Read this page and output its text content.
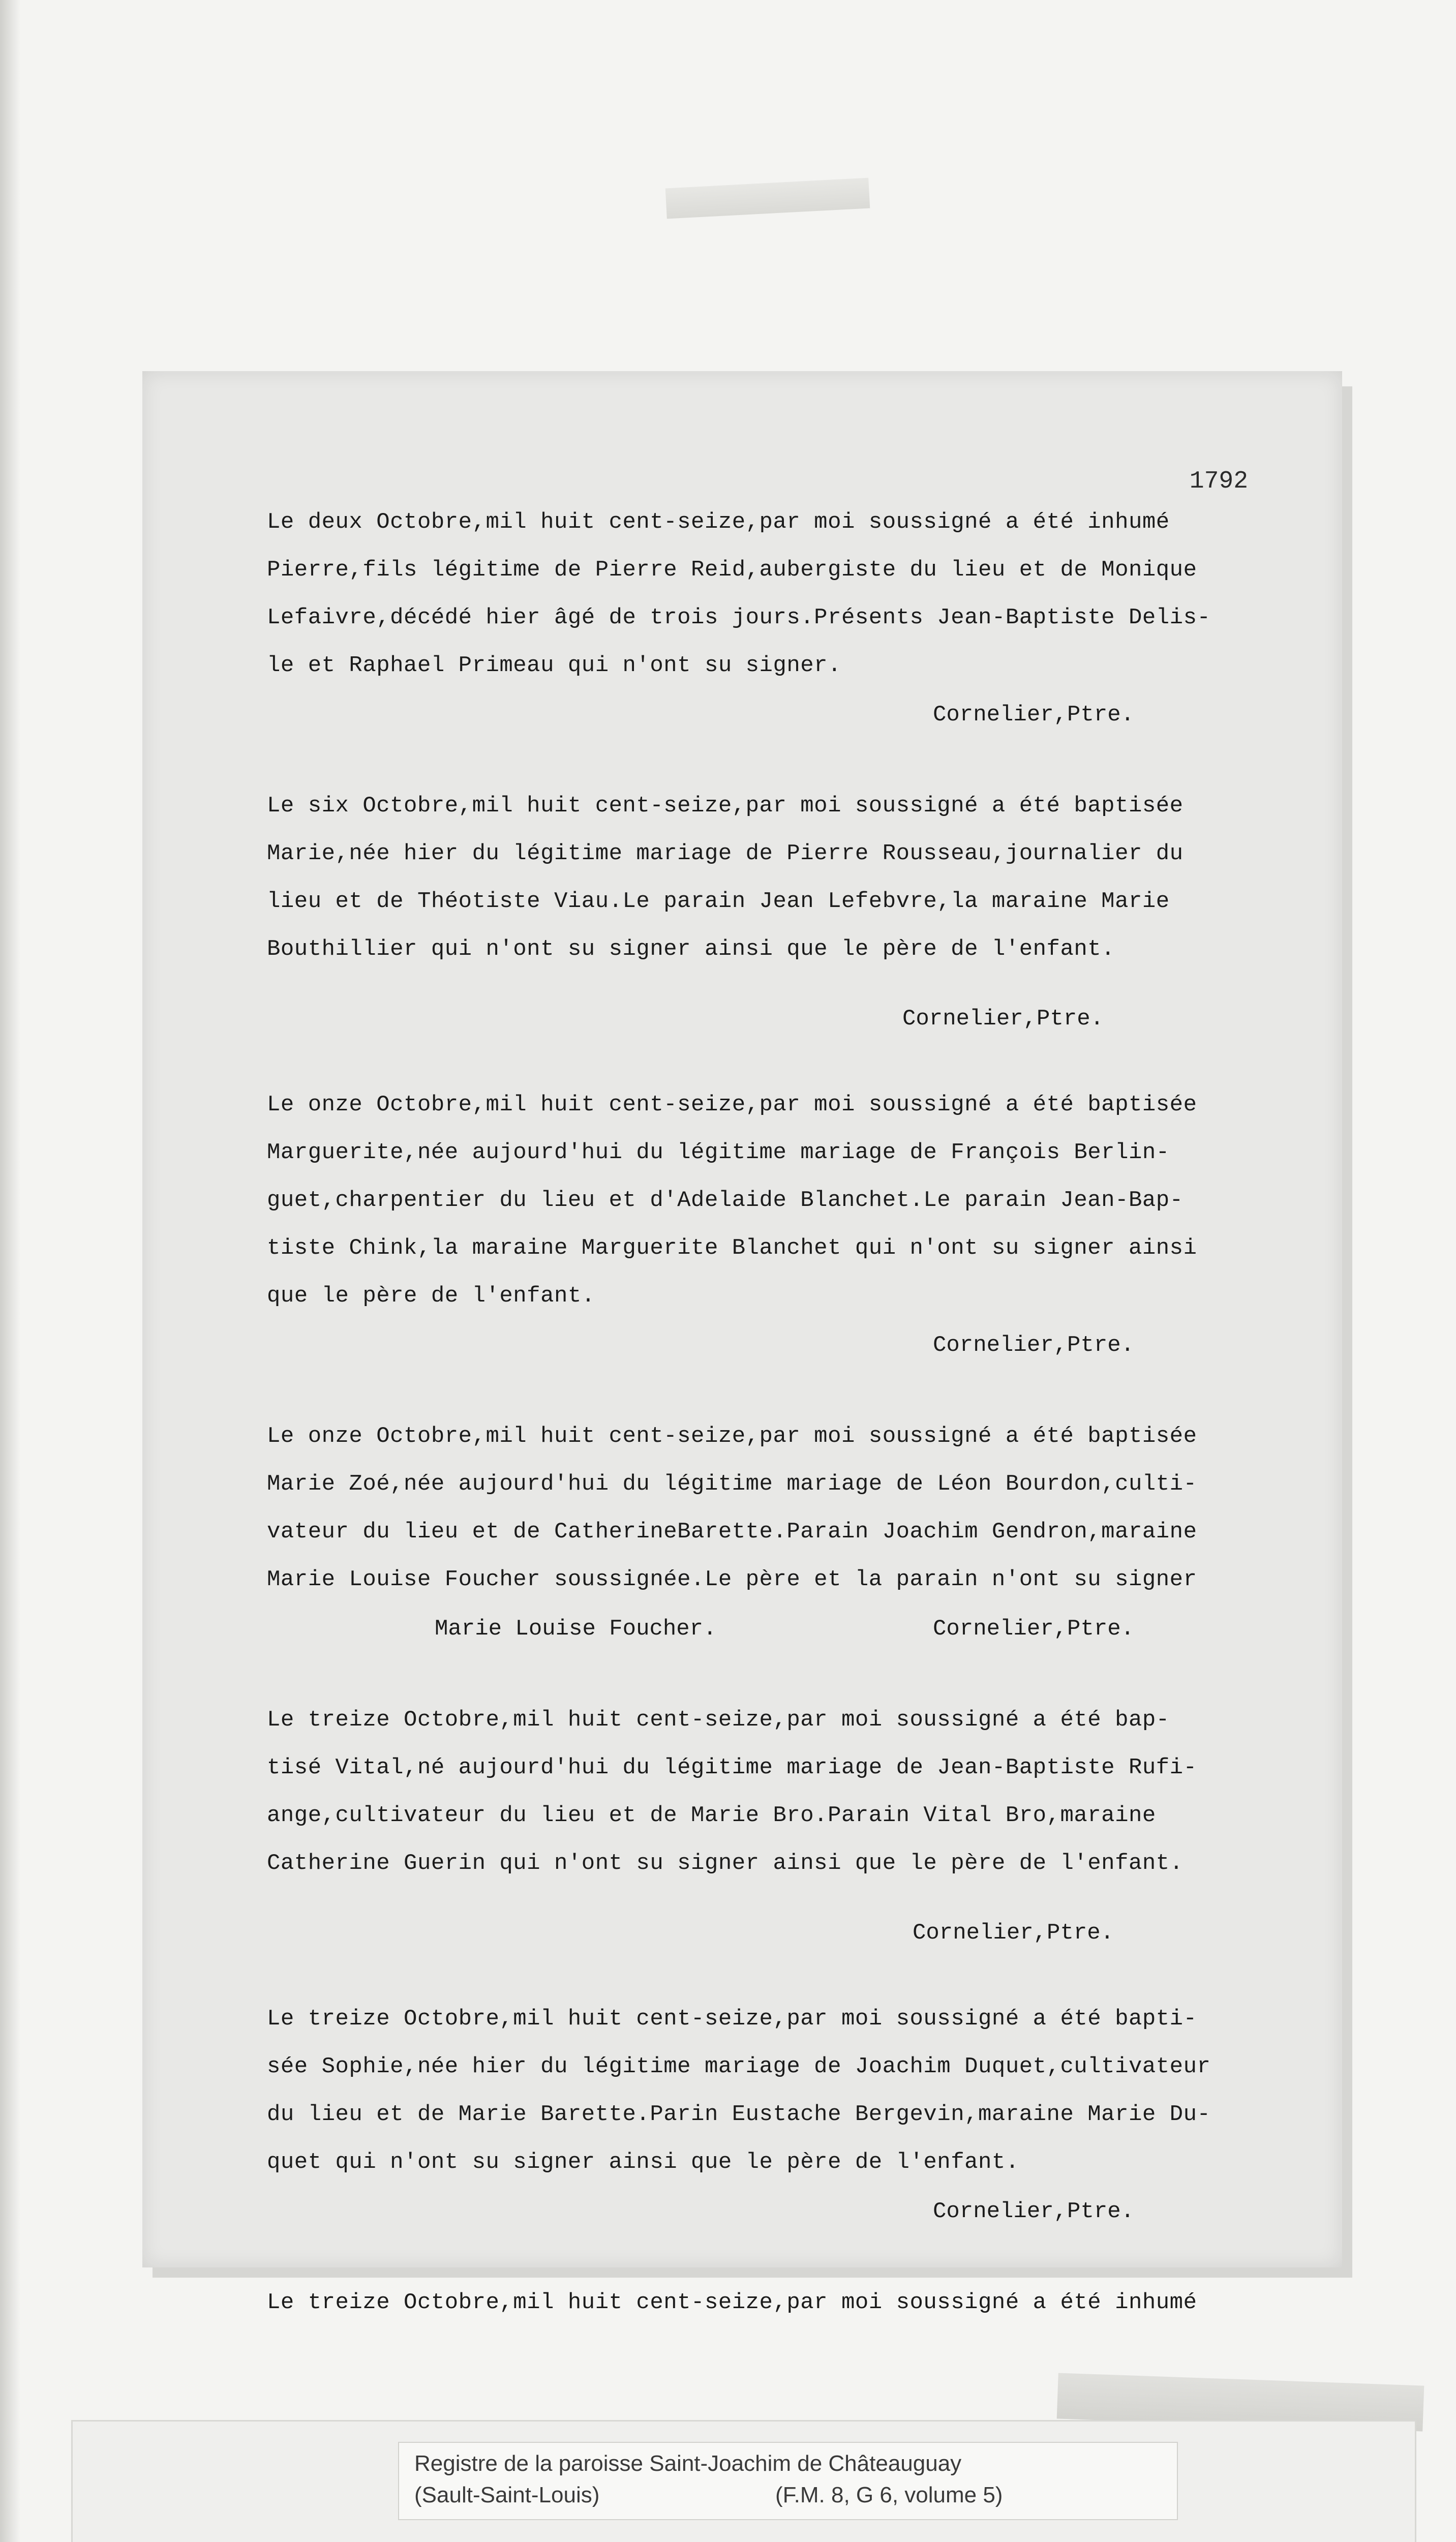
1792
Le deux Octobre,mil huit cent-seize,par moi soussigné a été inhumé
Pierre,fils légitime de Pierre Reid,aubergiste du lieu et de Monique
Lefaivre,décédé hier âgé de trois jours.Présents Jean-Baptiste Delis-
le et Raphael Primeau qui n'ont su signer.
Cornelier,Ptre.
Le six Octobre,mil huit cent-seize,par moi soussigné a été baptisée
Marie,née hier du légitime mariage de Pierre Rousseau,journalier du
lieu et de Théotiste Viau.Le parain Jean Lefebvre,la maraine Marie
Bouthillier qui n'ont su signer ainsi que le père de l'enfant.
Cornelier,Ptre.
Le onze Octobre,mil huit cent-seize,par moi soussigné a été baptisée
Marguerite,née aujourd'hui du légitime mariage de François Berlin-
guet,charpentier du lieu et d'Adelaide Blanchet.Le parain Jean-Bap-
tiste Chink,la maraine Marguerite Blanchet qui n'ont su signer ainsi
que le père de l'enfant.
Cornelier,Ptre.
Le onze Octobre,mil huit cent-seize,par moi soussigné a été baptisée
Marie Zoé,née aujourd'hui du légitime mariage de Léon Bourdon,culti-
vateur du lieu et de CatherineBarette.Parain Joachim Gendron,maraine
Marie Louise Foucher soussignée.Le père et la parain n'ont su signer
Marie Louise Foucher.	Cornelier,Ptre.
Le treize Octobre,mil huit cent-seize,par moi soussigné a été bap-
tisé Vital,né aujourd'hui du légitime mariage de Jean-Baptiste Rufi-
ange,cultivateur du lieu et de Marie Bro.Parain Vital Bro,maraine
Catherine Guerin qui n'ont su signer ainsi que le père de l'enfant.
Cornelier,Ptre.
Le treize Octobre,mil huit cent-seize,par moi soussigné a été bapti-
sée Sophie,née hier du légitime mariage de Joachim Duquet,cultivateur
du lieu et de Marie Barette.Parin Eustache Bergevin,maraine Marie Du-
quet qui n'ont su signer ainsi que le père de l'enfant.
Cornelier,Ptre.
Le treize Octobre,mil huit cent-seize,par moi soussigné a été inhumé
Registre de la paroisse Saint-Joachim de Châteauguay
(Sault-Saint-Louis)	(F.M. 8, G 6, volume 5)
